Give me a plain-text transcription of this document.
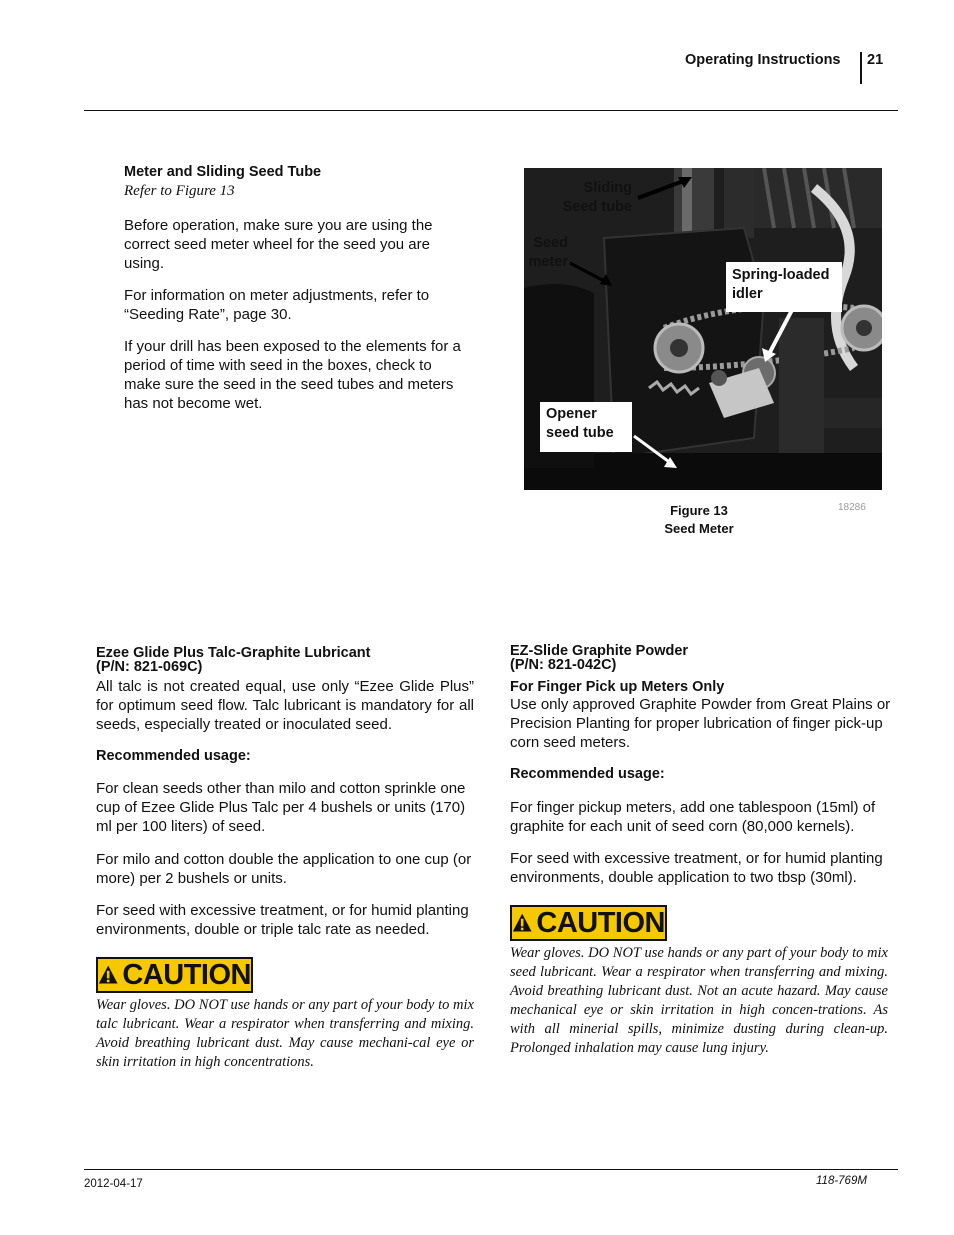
Operating Instructions 21
Meter and Sliding Seed Tube
Refer to Figure 13
Before operation, make sure you are using the correct seed meter wheel for the seed you are using.
For information on meter adjustments, refer to “Seeding Rate”, page 30.
If your drill has been exposed to the elements for a period of time with seed in the boxes, check to make sure the seed in the seed tubes and meters has not become wet.
Sliding
Seed tube
Seed
meter
Spring-loaded
idler
Opener
seed tube
Figure 13
Seed Meter
18286
Ezee Glide Plus Talc-Graphite Lubricant
(P/N: 821-069C)
All talc is not created equal, use only “Ezee Glide Plus” for optimum seed flow. Talc lubricant is mandatory for all seeds, especially treated or inoculated seed.
Recommended usage:
For clean seeds other than milo and cotton sprinkle one cup of Ezee Glide Plus Talc per 4 bushels or units (170) ml per 100 liters) of seed.
For milo and cotton double the application to one cup (or more) per 2 bushels or units.
For seed with excessive treatment, or for humid planting environments, double or triple talc rate as needed.
CAUTION
Wear gloves. DO NOT use hands or any part of your body to mix talc lubricant. Wear a respirator when transferring and mixing. Avoid breathing lubricant dust. May cause mechani-cal eye or skin irritation in high concentrations.
EZ-Slide Graphite Powder
(P/N: 821-042C)
For Finger Pick up Meters Only
Use only approved Graphite Powder from Great Plains or Precision Planting for proper lubrication of finger pick-up corn seed meters.
Recommended usage:
For finger pickup meters, add one tablespoon (15ml) of graphite for each unit of seed corn (80,000 kernels).
For seed with excessive treatment, or for humid planting environments, double application to two tbsp (30ml).
CAUTION
Wear gloves. DO NOT use hands or any part of your body to mix seed lubricant. Wear a respirator when transferring and mixing. Avoid breathing lubricant dust. Not an acute hazard. May cause mechanical eye or skin irritation in high concen-trations. As with all minerial spills, minimize dusting during clean-up. Prolonged inhalation may cause lung injury.
2012-04-17	118-769M
